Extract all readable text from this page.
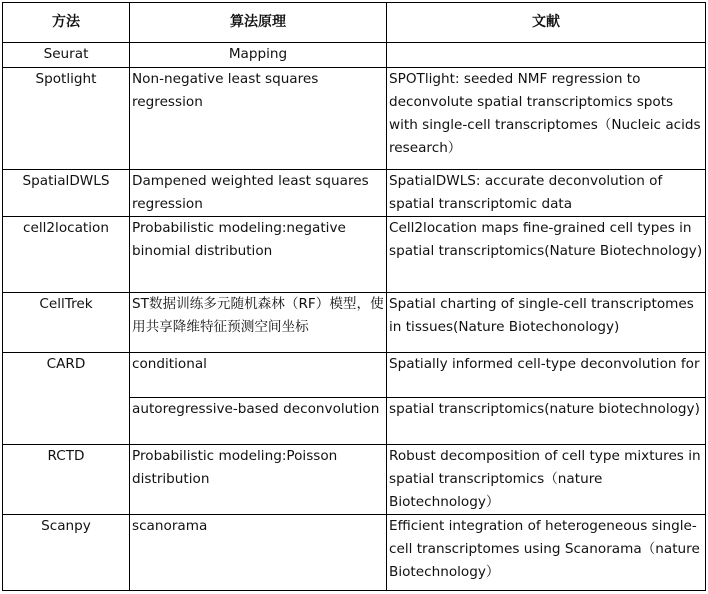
方法	算法原理	文献
Seurat	Mapping	
Spotlight	Non-negative least squares regression	SPOTlight: seeded NMF regression to deconvolute spatial transcriptomics spots with single-cell transcriptomes（Nucleic acids research）
SpatialDWLS	Dampened weighted least squares regression	SpatialDWLS: accurate deconvolution of spatial transcriptomic data
cell2location	Probabilistic modeling:negative binomial distribution	Cell2location maps fine-grained cell types in spatial transcriptomics(Nature Biotechnology)
CellTrek	ST数据训练多元随机森林（RF）模型，使用共享降维特征预测空间坐标	Spatial charting of single-cell transcriptomes in tissues(Nature Biotechonology)
CARD	conditional	Spatially informed cell-type deconvolution for
	autoregressive-based deconvolution	spatial transcriptomics(nature biotechnology)
RCTD	Probabilistic modeling:Poisson distribution	Robust decomposition of cell type mixtures in spatial transcriptomics（nature Biotechnology）
Scanpy	scanorama	Efficient integration of heterogeneous single-cell transcriptomes using Scanorama（nature Biotechnology）
